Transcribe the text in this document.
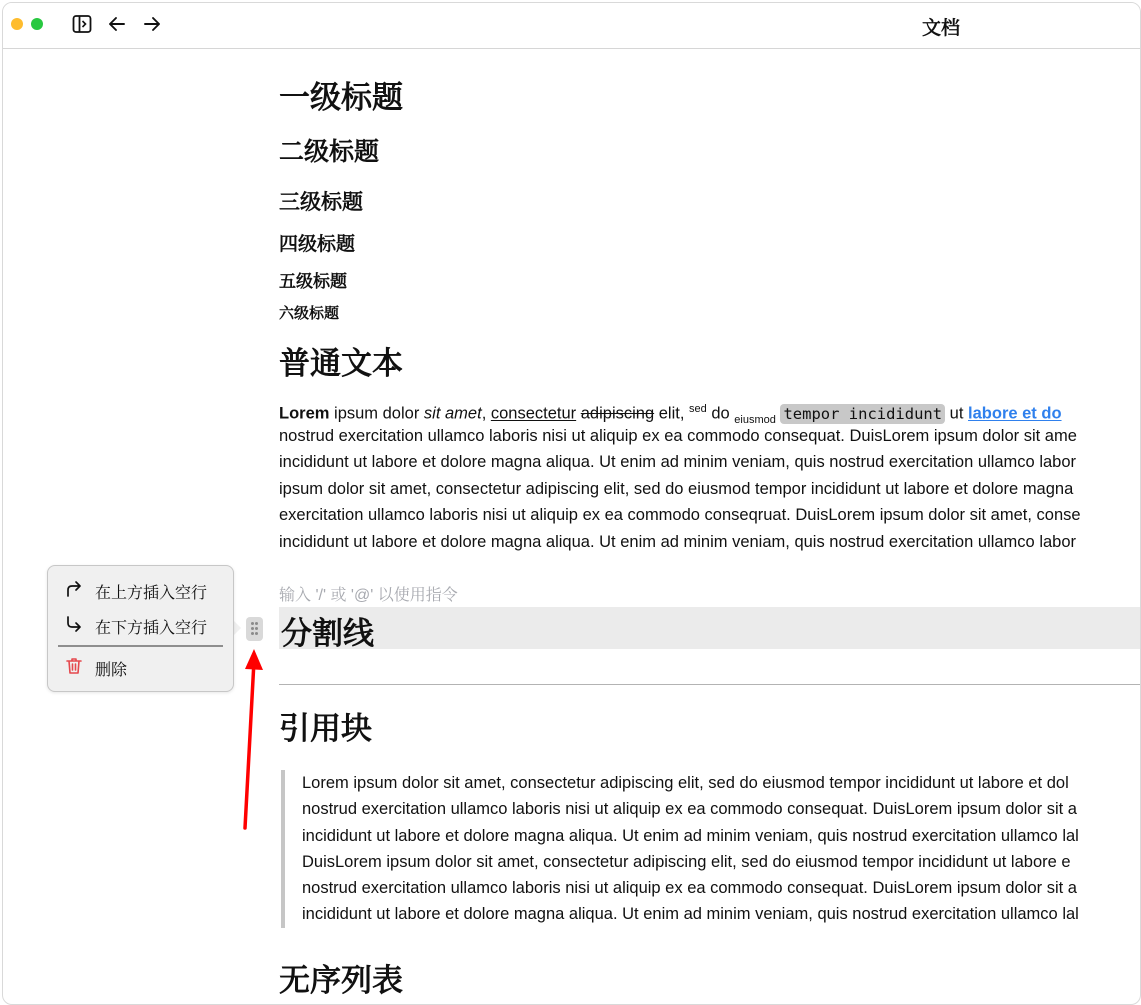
文档
一级标题
二级标题
三级标题
四级标题
五级标题
六级标题
普通文本
Lorem ipsum dolor sit amet, consectetur adipiscing elit, $^{sed}$ do $_{eiusmod}$ tempor incididunt ut labore et do
nostrud exercitation ullamco laboris nisi ut aliquip ex ea commodo consequat. DuisLorem ipsum dolor sit ame
incididunt ut labore et dolore magna aliqua. Ut enim ad minim veniam, quis nostrud exercitation ullamco labor
ipsum dolor sit amet, consectetur adipiscing elit, sed do eiusmod tempor incididunt ut labore et dolore magna
exercitation ullamco laboris nisi ut aliquip ex ea commodo conseqruat. DuisLorem ipsum dolor sit amet, conse
incididunt ut labore et dolore magna aliqua. Ut enim ad minim veniam, quis nostrud exercitation ullamco labor
输入 '/' 或 '@' 以使用指令
分割线
引用块
Lorem ipsum dolor sit amet, consectetur adipiscing elit, sed do eiusmod tempor incididunt ut labore et dol
nostrud exercitation ullamco laboris nisi ut aliquip ex ea commodo consequat. DuisLorem ipsum dolor sit a
incididunt ut labore et dolore magna aliqua. Ut enim ad minim veniam, quis nostrud exercitation ullamco lal
DuisLorem ipsum dolor sit amet, consectetur adipiscing elit, sed do eiusmod tempor incididunt ut labore e
nostrud exercitation ullamco laboris nisi ut aliquip ex ea commodo consequat. DuisLorem ipsum dolor sit a
incididunt ut labore et dolore magna aliqua. Ut enim ad minim veniam, quis nostrud exercitation ullamco lal
无序列表
在上方插入空行
在下方插入空行
删除
